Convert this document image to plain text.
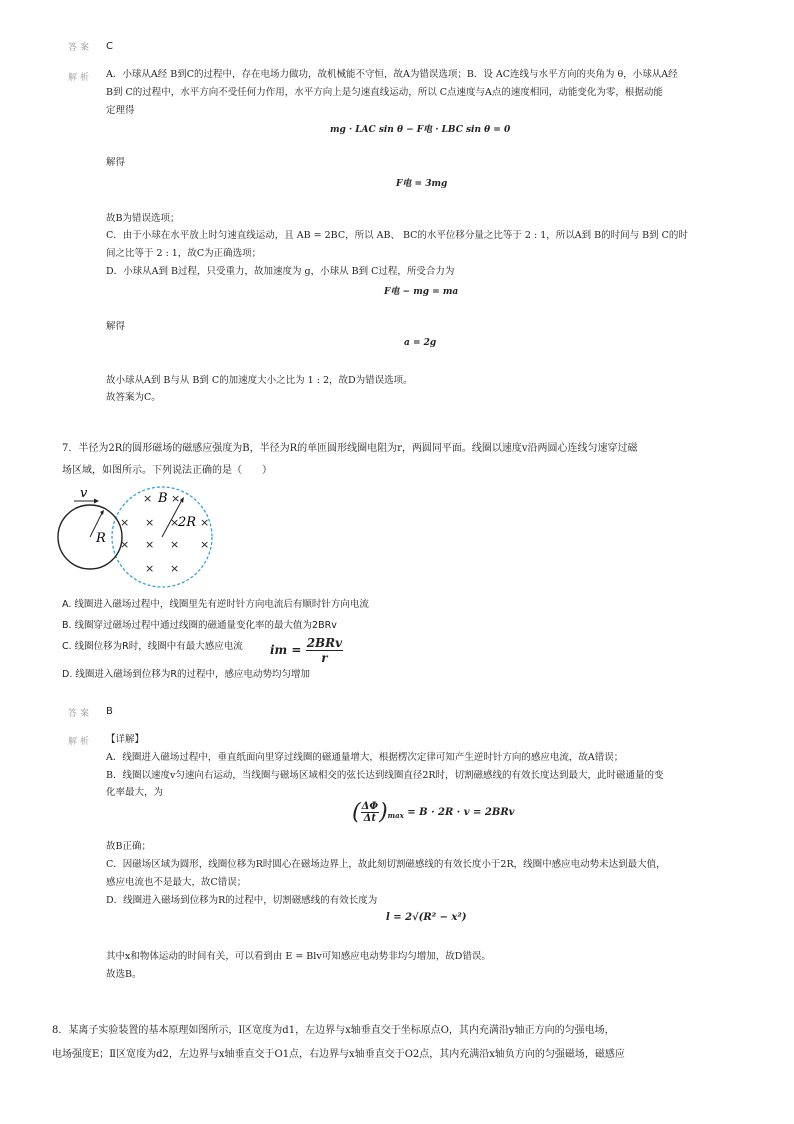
答案 C
解析 A．小球从A经 B到C的过程中，存在电场力做功，故机械能不守恒，故A为错误选项；B．设 AC连线与水平方向的夹角为 θ，小球从A经
B到 C的过程中，水平方向不受任何力作用，水平方向上是匀速直线运动，所以 C点速度与A点的速度相同，动能变化为零，根据动能
定理得
mg · LAC sin θ − F电 · LBC sin θ = 0
解得
F电 = 3mg
故B为错误选项；
C．由于小球在水平放上时匀速直线运动，且 AB = 2BC，所以 AB、 BC的水平位移分量之比等于 2 : 1，所以A到 B的时间与 B到 C的时
间之比等于 2 : 1，故C为正确选项；
D．小球从A到 B过程，只受重力，故加速度为 g，小球从 B到 C过程，所受合力为
F电 − mg = ma
解得
a = 2g
故小球从A到 B与从 B到 C的加速度大小之比为 1 : 2，故D为错误选项。
故答案为C。
7．半径为2R的圆形磁场的磁感应强度为B，半径为R的单匝圆形线圈电阻为r，两圆同平面。线圈以速度v沿两圆心连线匀速穿过磁
场区域，如图所示。下列说法正确的是（　　）
v
R
B
2R
× ×
× × × ×
× × × ×
× ×
A. 线圈进入磁场过程中，线圈里先有逆时针方向电流后有顺时针方向电流
B. 线圈穿过磁场过程中通过线圈的磁通量变化率的最大值为2BRv
C. 线圈位移为R时，线圈中有最大感应电流 im = $\frac{\text{2BRv}}{r}$
D. 线圈进入磁场到位移为R的过程中，感应电动势均匀增加
答案 B
解析 【详解】
A．线圈进入磁场过程中，垂直纸面向里穿过线圈的磁通量增大，根据楞次定律可知产生逆时针方向的感应电流，故A错误；
B．线圈以速度v匀速向右运动，当线圈与磁场区域相交的弦长达到线圈直径2R时，切割磁感线的有效长度达到最大，此时磁通量的变
化率最大，为
( $\frac{\Delta\Phi}{\Delta t} )_{max} = B \cdot 2R \cdot v = 2BRv$
故B正确；
C．因磁场区域为圆形，线圈位移为R时圆心在磁场边界上，故此刻切割磁感线的有效长度小于2R，线圈中感应电动势未达到最大值，
感应电流也不是最大，故C错误；
D．线圈进入磁场到位移为R的过程中，切割磁感线的有效长度为
l = 2√(R² − x²)
其中x和物体运动的时间有关，可以看到由 E = Blv可知感应电动势非均匀增加，故D错误。
故选B。
8．某离子实验装置的基本原理如图所示，Ⅰ区宽度为d1，左边界与x轴垂直交于坐标原点O，其内充满沿y轴正方向的匀强电场，
电场强度E；Ⅱ区宽度为d2，左边界与x轴垂直交于O1点，右边界与x轴垂直交于O2点，其内充满沿x轴负方向的匀强磁场，磁感应
